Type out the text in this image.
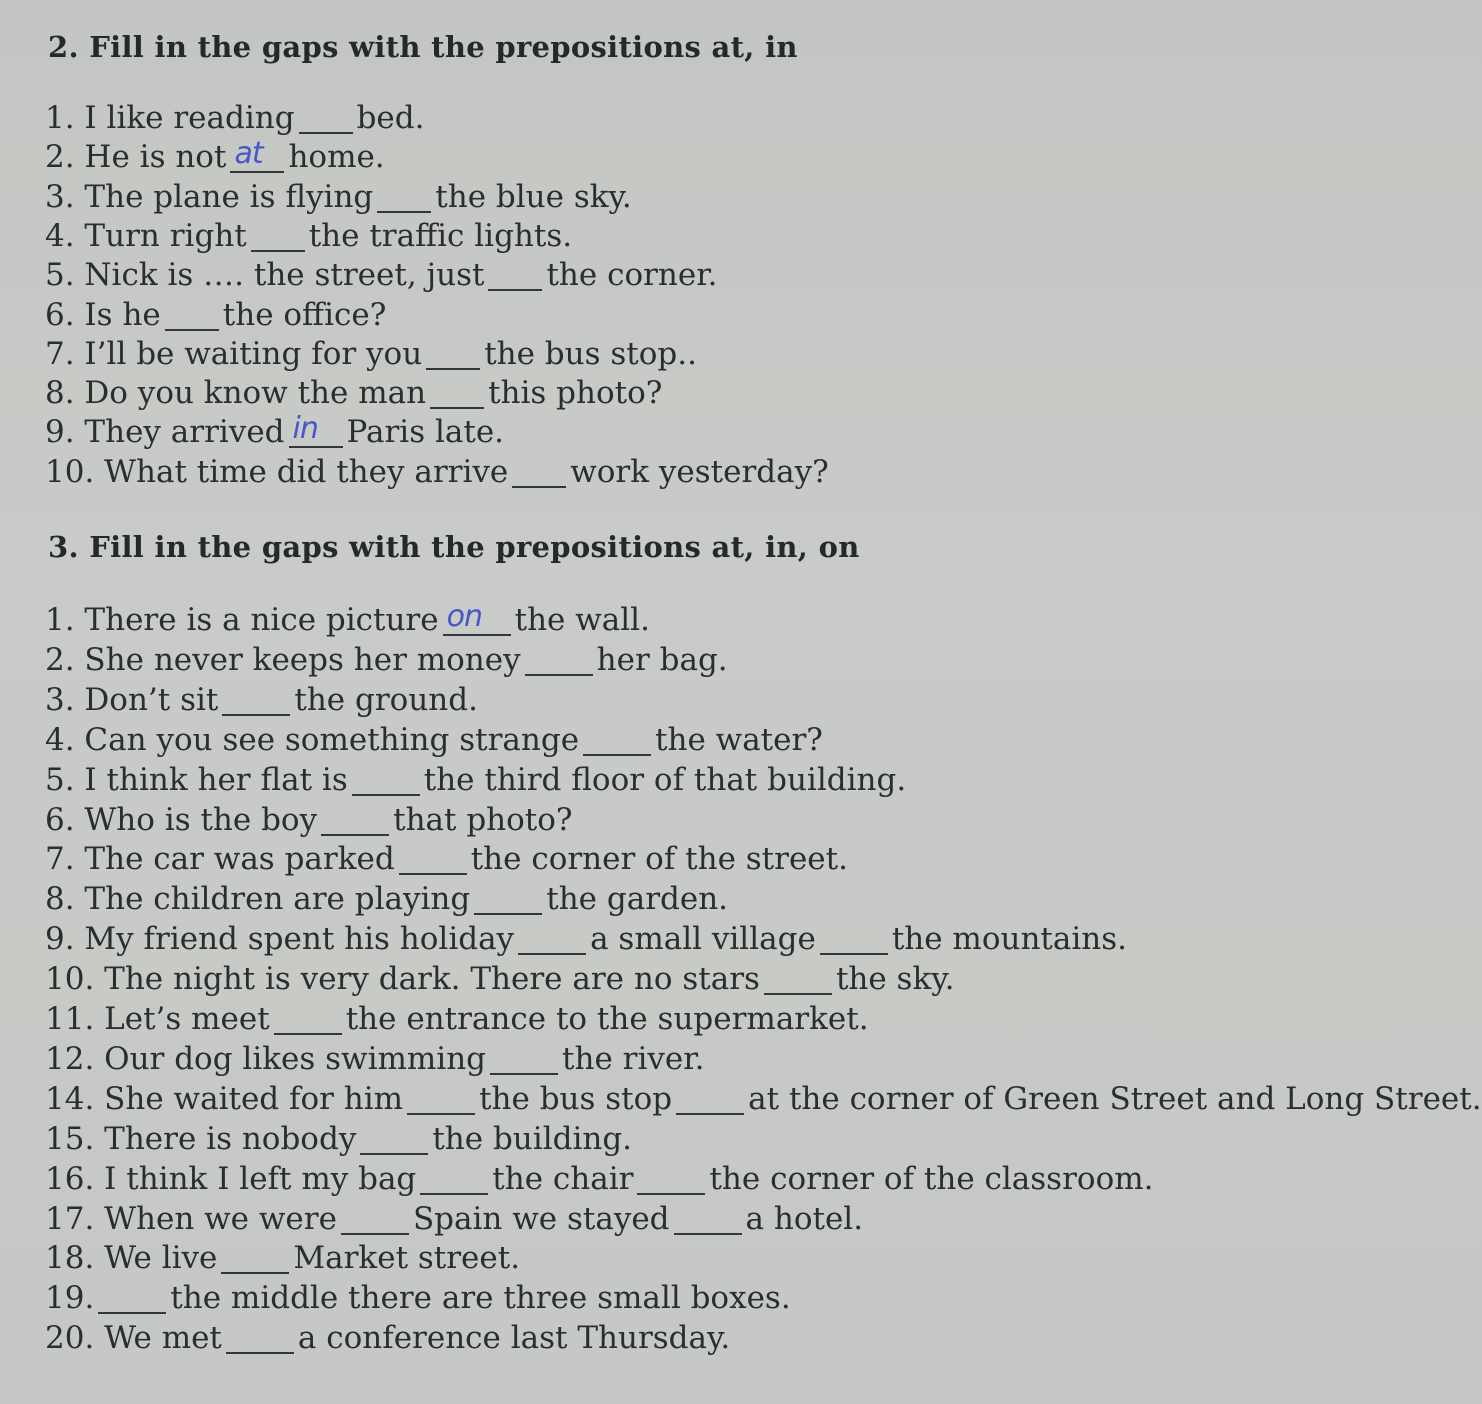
2. Fill in the gaps with the prepositions at, in
1. I like reading bed.
2. He is not at home.
3. The plane is flying the blue sky.
4. Turn right the traffic lights.
5. Nick is …. the street, just the corner.
6. Is he the office?
7. I’ll be waiting for you the bus stop..
8. Do you know the man this photo?
9. They arrived in Paris late.
10. What time did they arrive work yesterday?
3. Fill in the gaps with the prepositions at, in, on
1. There is a nice picture on the wall.
2. She never keeps her money her bag.
3. Don’t sit the ground.
4. Can you see something strange the water?
5. I think her flat is the third floor of that building.
6. Who is the boy that photo?
7. The car was parked the corner of the street.
8. The children are playing the garden.
9. My friend spent his holiday a small village the mountains.
10. The night is very dark. There are no stars the sky.
11. Let’s meet the entrance to the supermarket.
12. Our dog likes swimming the river.
14. She waited for him the bus stop at the corner of Green Street and Long Street.
15. There is nobody the building.
16. I think I left my bag the chair the corner of the classroom.
17. When we were Spain we stayed a hotel.
18. We live Market street.
19. the middle there are three small boxes.
20. We met a conference last Thursday.
